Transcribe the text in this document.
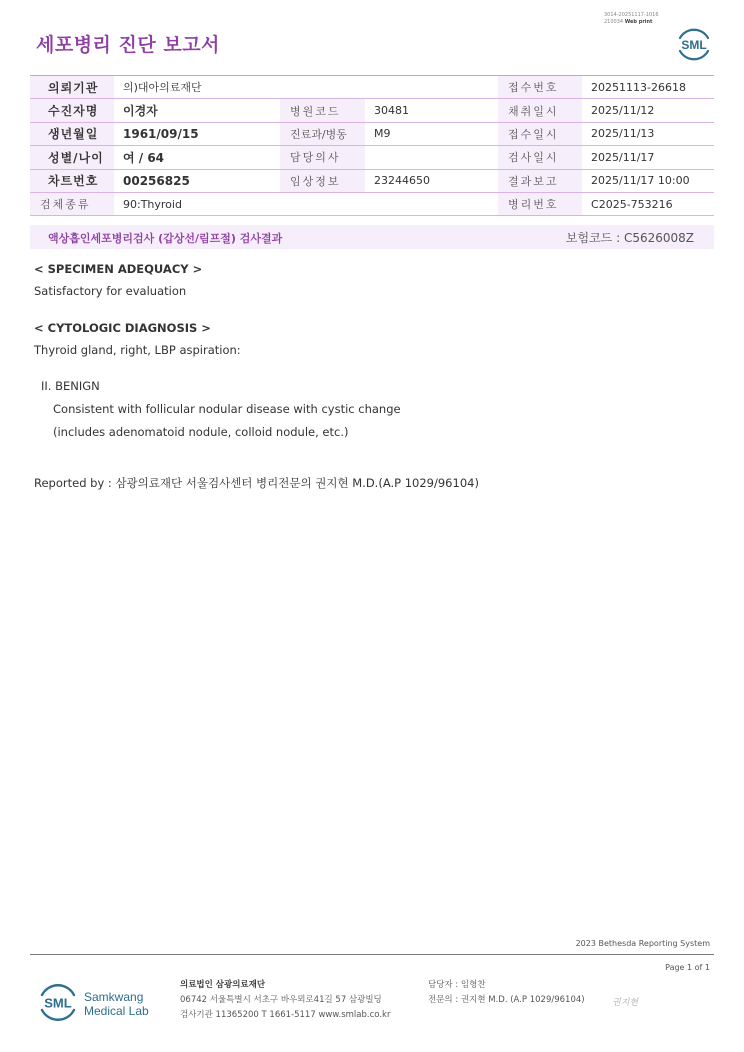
3014-20251117-1016
210034 Web print
세포병리 진단 보고서	SML
의뢰기관	의)대아의료재단			접수번호	20251113-26618
수진자명	이경자	병원코드	30481	채취일시	2025/11/12
생년월일	1961/09/15	진료과/병동	M9	접수일시	2025/11/13
성별/나이	여 / 64	담당의사		검사일시	2025/11/17
차트번호	00256825	임상정보	23244650	결과보고	2025/11/17 10:00
검체종류	90:Thyroid			병리번호	C2025-753216
액상흡인세포병리검사 (갑상선/림프절) 검사결과	보험코드 : C5626008Z
< SPECIMEN ADEQUACY >
Satisfactory for evaluation
< CYTOLOGIC DIAGNOSIS >
Thyroid gland, right, LBP aspiration:
II. BENIGN
Consistent with follicular nodular disease with cystic change
(includes adenomatoid nodule, colloid nodule, etc.)
Reported by : 삼광의료재단 서울검사센터 병리전문의 권지현 M.D.(A.P 1029/96104)
2023 Bethesda Reporting System
Page 1 of 1
SML Samkwang
Medical Lab
의료법인 삼광의료재단
06742 서울특별시 서초구 바우뫼로41길 57 삼광빌딩
검사기관 11365200 T 1661-5117 www.smlab.co.kr
담당자 : 임형찬
전문의 : 권지현 M.D. (A.P 1029/96104)	권지현
